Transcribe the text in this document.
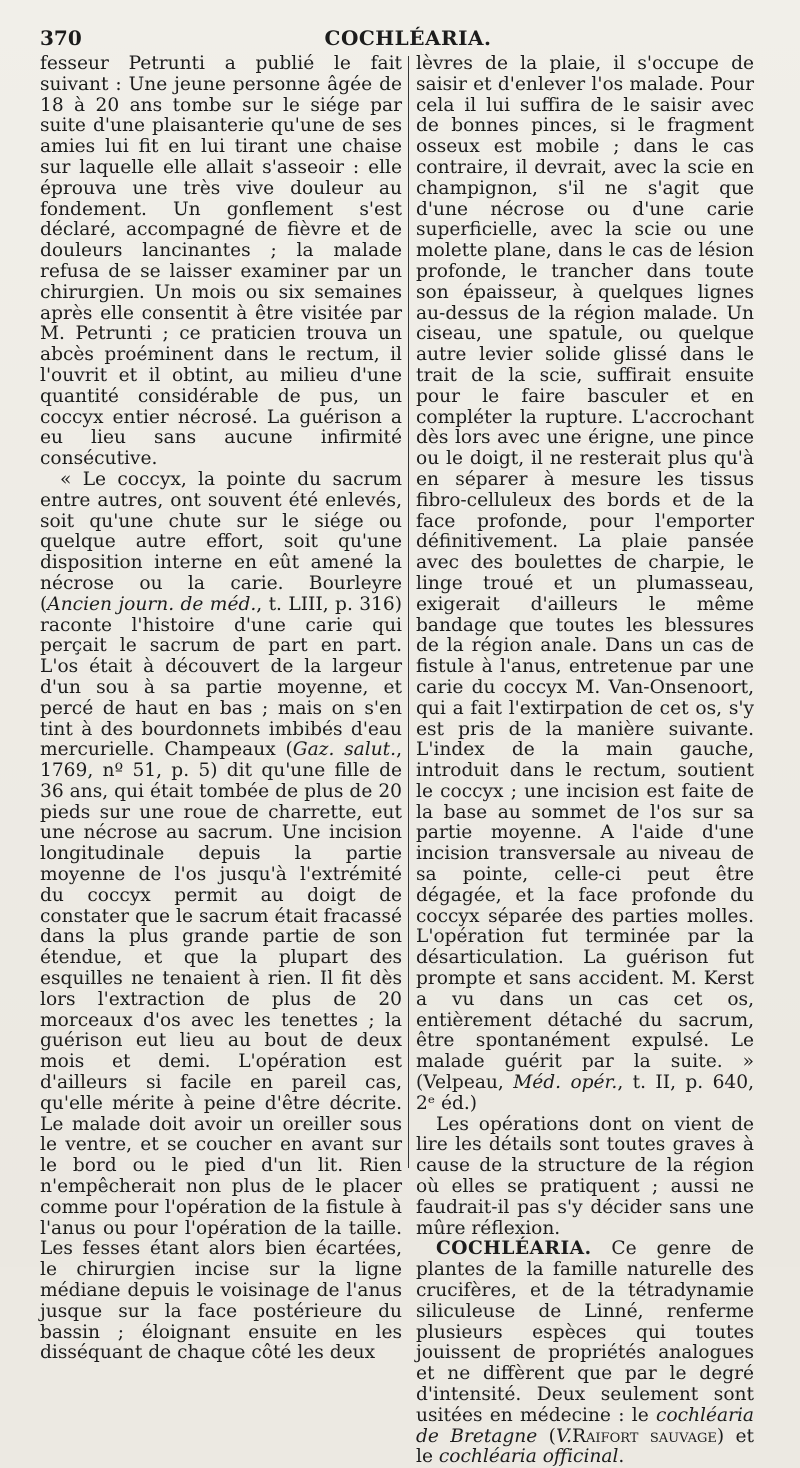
370	COCHLÉARIA.

fesseur Petrunti a publié le fait suivant : Une jeune personne âgée de 18 à 20 ans tombe sur le siége par suite d'une plaisanterie qu'une de ses amies lui fit en lui tirant une chaise sur laquelle elle allait s'asseoir : elle éprouva une très vive douleur au fondement. Un gonflement s'est déclaré, accompagné de fièvre et de douleurs lancinantes ; la malade refusa de se laisser examiner par un chirurgien. Un mois ou six semaines après elle consentit à être visitée par M. Petrunti ; ce praticien trouva un abcès proéminent dans le rectum, il l'ouvrit et il obtint, au milieu d'une quantité considérable de pus, un coccyx entier nécrosé. La guérison a eu lieu sans aucune infirmité consécutive.

« Le coccyx, la pointe du sacrum entre autres, ont souvent été enlevés, soit qu'une chute sur le siége ou quelque autre effort, soit qu'une disposition interne en eût amené la nécrose ou la carie. Bourleyre (Ancien journ. de méd., t. LIII, p. 316) raconte l'histoire d'une carie qui perçait le sacrum de part en part. L'os était à découvert de la largeur d'un sou à sa partie moyenne, et percé de haut en bas ; mais on s'en tint à des bourdonnets imbibés d'eau mercurielle. Champeaux (Gaz. salut., 1769, nº 51, p. 5) dit qu'une fille de 36 ans, qui était tombée de plus de 20 pieds sur une roue de charrette, eut une nécrose au sacrum. Une incision longitudinale depuis la partie moyenne de l'os jusqu'à l'extrémité du coccyx permit au doigt de constater que le sacrum était fracassé dans la plus grande partie de son étendue, et que la plupart des esquilles ne tenaient à rien. Il fit dès lors l'extraction de plus de 20 morceaux d'os avec les tenettes ; la guérison eut lieu au bout de deux mois et demi. L'opération est d'ailleurs si facile en pareil cas, qu'elle mérite à peine d'être décrite. Le malade doit avoir un oreiller sous le ventre, et se coucher en avant sur le bord ou le pied d'un lit. Rien n'empêcherait non plus de le placer comme pour l'opération de la fistule à l'anus ou pour l'opération de la taille. Les fesses étant alors bien écartées, le chirurgien incise sur la ligne médiane depuis le voisinage de l'anus jusque sur la face postérieure du bassin ; éloignant ensuite en les disséquant de chaque côté les deux

lèvres de la plaie, il s'occupe de saisir et d'enlever l'os malade. Pour cela il lui suffira de le saisir avec de bonnes pinces, si le fragment osseux est mobile ; dans le cas contraire, il devrait, avec la scie en champignon, s'il ne s'agit que d'une nécrose ou d'une carie superficielle, avec la scie ou une molette plane, dans le cas de lésion profonde, le trancher dans toute son épaisseur, à quelques lignes au-dessus de la région malade. Un ciseau, une spatule, ou quelque autre levier solide glissé dans le trait de la scie, suffirait ensuite pour le faire basculer et en compléter la rupture. L'accrochant dès lors avec une érigne, une pince ou le doigt, il ne resterait plus qu'à en séparer à mesure les tissus fibro-celluleux des bords et de la face profonde, pour l'emporter définitivement. La plaie pansée avec des boulettes de charpie, le linge troué et un plumasseau, exigerait d'ailleurs le même bandage que toutes les blessures de la région anale. Dans un cas de fistule à l'anus, entretenue par une carie du coccyx M. Van-Onsenoort, qui a fait l'extirpation de cet os, s'y est pris de la manière suivante. L'index de la main gauche, introduit dans le rectum, soutient le coccyx ; une incision est faite de la base au sommet de l'os sur sa partie moyenne. A l'aide d'une incision transversale au niveau de sa pointe, celle-ci peut être dégagée, et la face profonde du coccyx séparée des parties molles. L'opération fut terminée par la désarticulation. La guérison fut prompte et sans accident. M. Kerst a vu dans un cas cet os, entièrement détaché du sacrum, être spontanément expulsé. Le malade guérit par la suite. » (Velpeau, Méd. opér., t. II, p. 640, 2ᵉ éd.)

Les opérations dont on vient de lire les détails sont toutes graves à cause de la structure de la région où elles se pratiquent ; aussi ne faudrait-il pas s'y décider sans une mûre réflexion.

COCHLÉARIA. Ce genre de plantes de la famille naturelle des crucifères, et de la tétradynamie siliculeuse de Linné, renferme plusieurs espèces qui toutes jouissent de propriétés analogues et ne diffèrent que par le degré d'intensité. Deux seulement sont usitées en médecine : le cochléaria de Bretagne (V.Raifort sauvage) et le cochléaria officinal.
